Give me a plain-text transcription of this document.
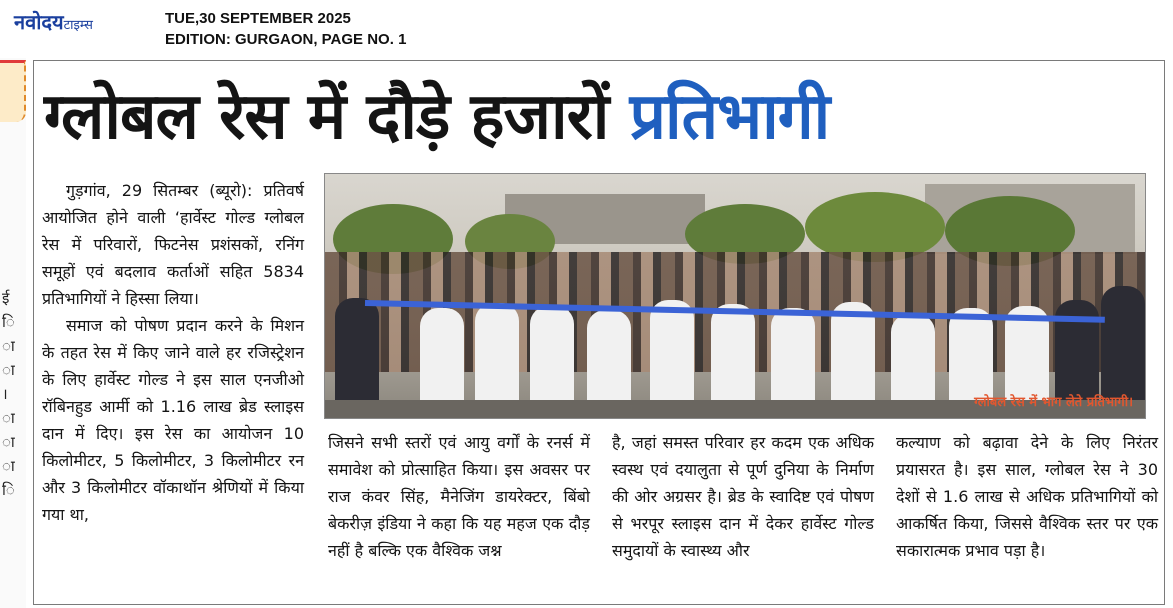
नवोदयटाइम्स	TUE,30 SEPTEMBER 2025
EDITION: GURGAON, PAGE NO. 1
ई
ि
ा
ा
।
ा
ा
ा
ि
ग्लोबल रेस में दौड़े हजारों प्रतिभागी

गुड़गांव, 29 सितम्बर (ब्यूरो): प्रतिवर्ष आयोजित होने वाली ‘हार्वेस्ट गोल्ड ग्लोबल रेस में परिवारों, फिटनेस प्रशंसकों, रनिंग समूहों एवं बदलाव कर्ताओं सहित 5834 प्रतिभागियों ने हिस्सा लिया।

समाज को पोषण प्रदान करने के मिशन के तहत रेस में किए जाने वाले हर रजिस्ट्रेशन के लिए हार्वेस्ट गोल्ड ने इस साल एनजीओ रॉबिनहुड आर्मी को 1.16 लाख ब्रेड स्लाइस दान में दिए। इस रेस का आयोजन 10 किलोमीटर, 5 किलोमीटर, 3 किलोमीटर रन और 3 किलोमीटर वॉकाथॉन श्रेणियों में किया गया था,

ग्लोबल रेस में भाग लेते प्रतिभागी।

जिसने सभी स्तरों एवं आयु वर्गों के रनर्स में समावेश को प्रोत्साहित किया। इस अवसर पर राज कंवर सिंह, मैनेजिंग डायरेक्टर, बिंबो बेकरीज़ इंडिया ने कहा कि यह महज एक दौड़ नहीं है बल्कि एक वैश्विक जश्न

है, जहां समस्त परिवार हर कदम एक अधिक स्वस्थ एवं दयालुता से पूर्ण दुनिया के निर्माण की ओर अग्रसर है। ब्रेड के स्वादिष्ट एवं पोषण से भरपूर स्लाइस दान में देकर हार्वेस्ट गोल्ड समुदायों के स्वास्थ्य और

कल्याण को बढ़ावा देने के लिए निरंतर प्रयासरत है। इस साल, ग्लोबल रेस ने 30 देशों से 1.6 लाख से अधिक प्रतिभागियों को आकर्षित किया, जिससे वैश्विक स्तर पर एक सकारात्मक प्रभाव पड़ा है।
